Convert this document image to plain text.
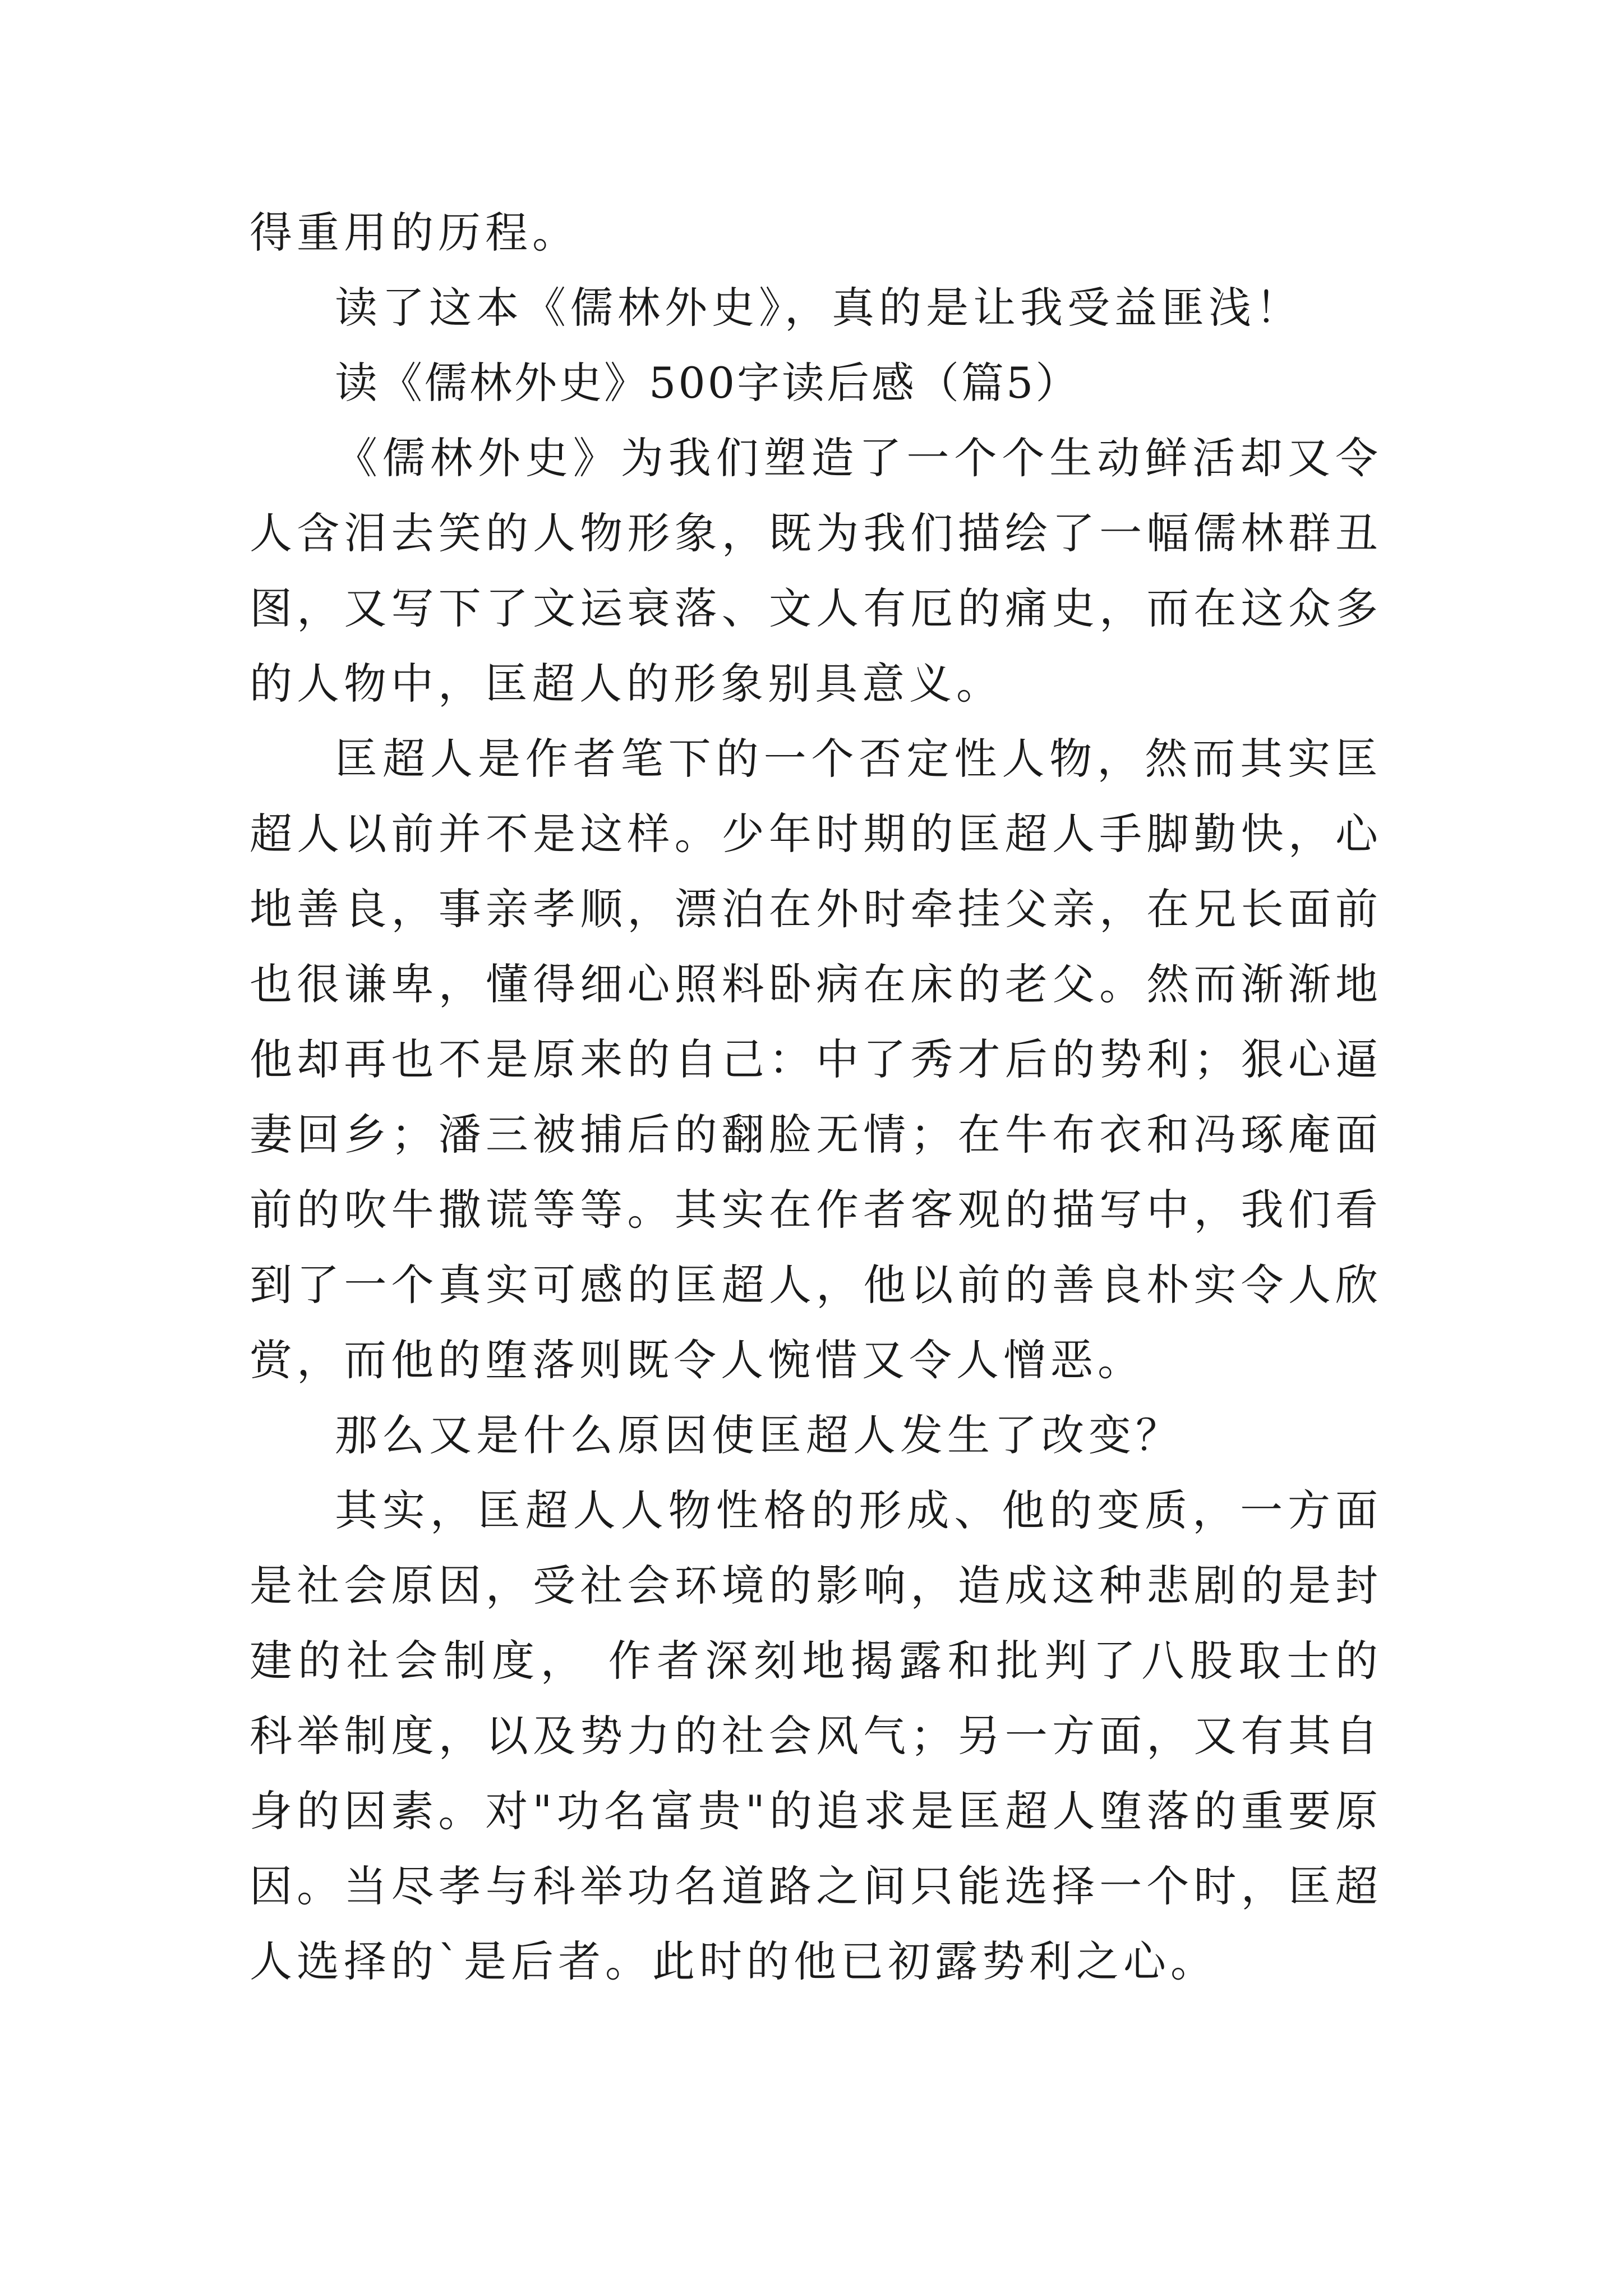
得重用的历程。

读了这本《儒林外史》，真的是让我受益匪浅！

读《儒林外史》500字读后感（篇5）

《儒林外史》为我们塑造了一个个生动鲜活却又令人含泪去笑的人物形象，既为我们描绘了一幅儒林群丑图，又写下了文运衰落、文人有厄的痛史，而在这众多的人物中，匡超人的形象别具意义。

匡超人是作者笔下的一个否定性人物，然而其实匡超人以前并不是这样。少年时期的匡超人手脚勤快，心地善良，事亲孝顺，漂泊在外时牵挂父亲，在兄长面前也很谦卑，懂得细心照料卧病在床的老父。然而渐渐地他却再也不是原来的自己：中了秀才后的势利；狠心逼妻回乡；潘三被捕后的翻脸无情；在牛布衣和冯琢庵面前的吹牛撒谎等等。其实在作者客观的描写中，我们看到了一个真实可感的匡超人，他以前的善良朴实令人欣赏，而他的堕落则既令人惋惜又令人憎恶。

那么又是什么原因使匡超人发生了改变？

其实，匡超人人物性格的形成、他的变质，一方面是社会原因，受社会环境的影响，造成这种悲剧的是封建的社会制度， 作者深刻地揭露和批判了八股取士的科举制度，以及势力的社会风气；另一方面，又有其自身的因素。对"功名富贵"的追求是匡超人堕落的重要原因。当尽孝与科举功名道路之间只能选择一个时，匡超人选择的`是后者。此时的他已初露势利之心。
